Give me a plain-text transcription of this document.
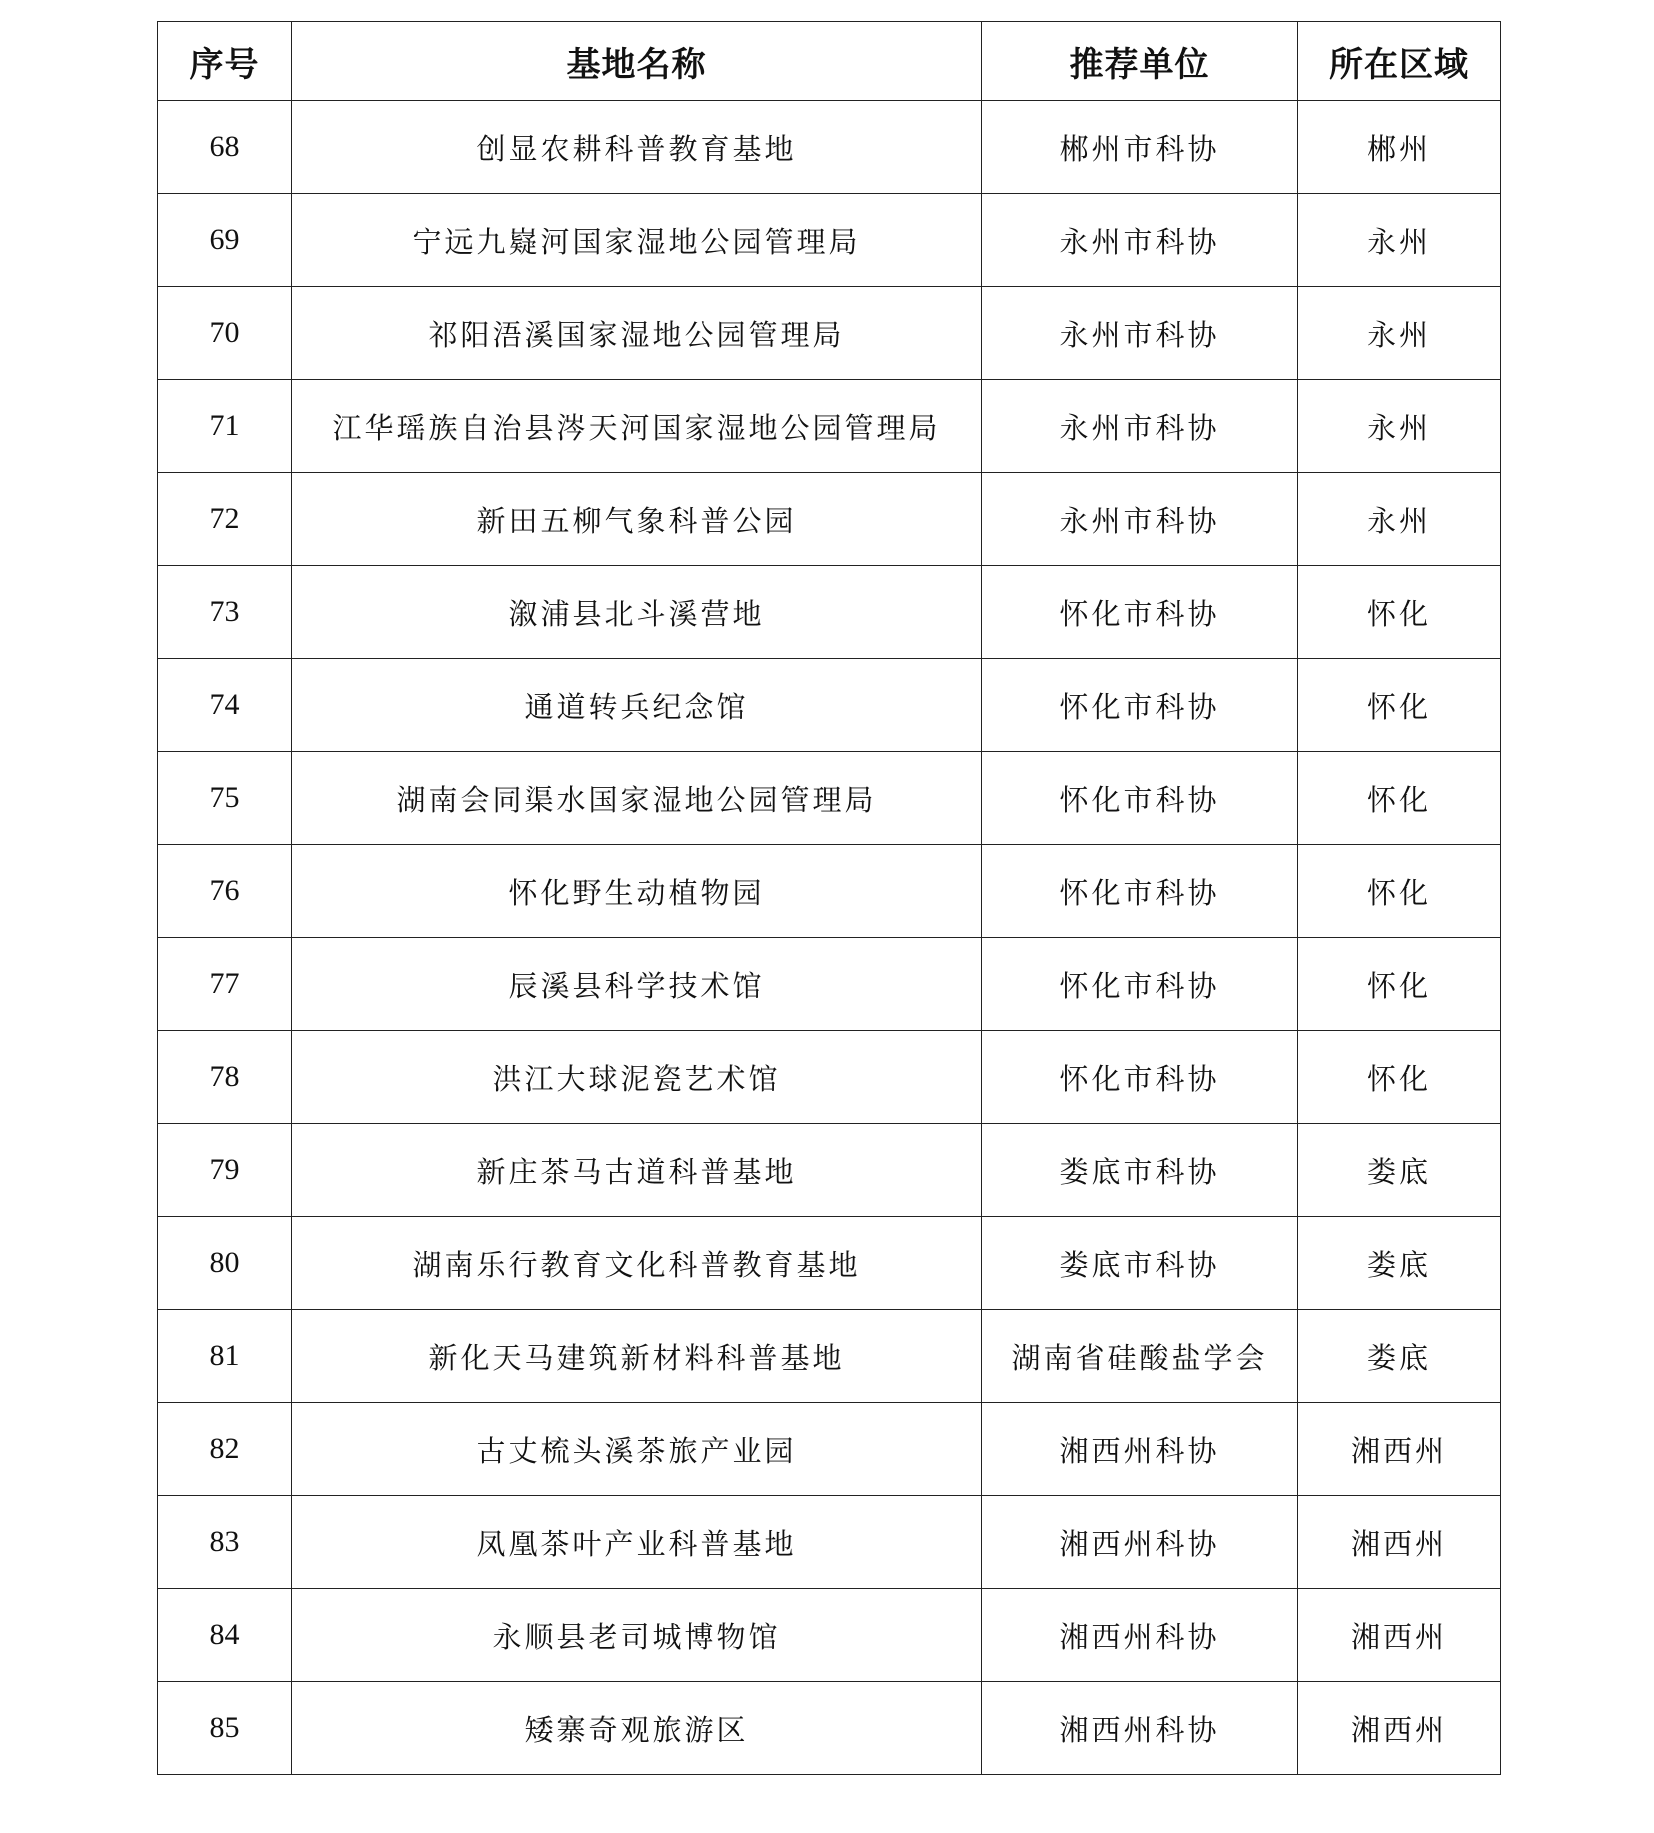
序号	基地名称	推荐单位	所在区域
68	创显农耕科普教育基地	郴州市科协	郴州
69	宁远九嶷河国家湿地公园管理局	永州市科协	永州
70	祁阳浯溪国家湿地公园管理局	永州市科协	永州
71	江华瑶族自治县涔天河国家湿地公园管理局	永州市科协	永州
72	新田五柳气象科普公园	永州市科协	永州
73	溆浦县北斗溪营地	怀化市科协	怀化
74	通道转兵纪念馆	怀化市科协	怀化
75	湖南会同渠水国家湿地公园管理局	怀化市科协	怀化
76	怀化野生动植物园	怀化市科协	怀化
77	辰溪县科学技术馆	怀化市科协	怀化
78	洪江大球泥瓷艺术馆	怀化市科协	怀化
79	新庄茶马古道科普基地	娄底市科协	娄底
80	湖南乐行教育文化科普教育基地	娄底市科协	娄底
81	新化天马建筑新材料科普基地	湖南省硅酸盐学会	娄底
82	古丈梳头溪茶旅产业园	湘西州科协	湘西州
83	凤凰茶叶产业科普基地	湘西州科协	湘西州
84	永顺县老司城博物馆	湘西州科协	湘西州
85	矮寨奇观旅游区	湘西州科协	湘西州
